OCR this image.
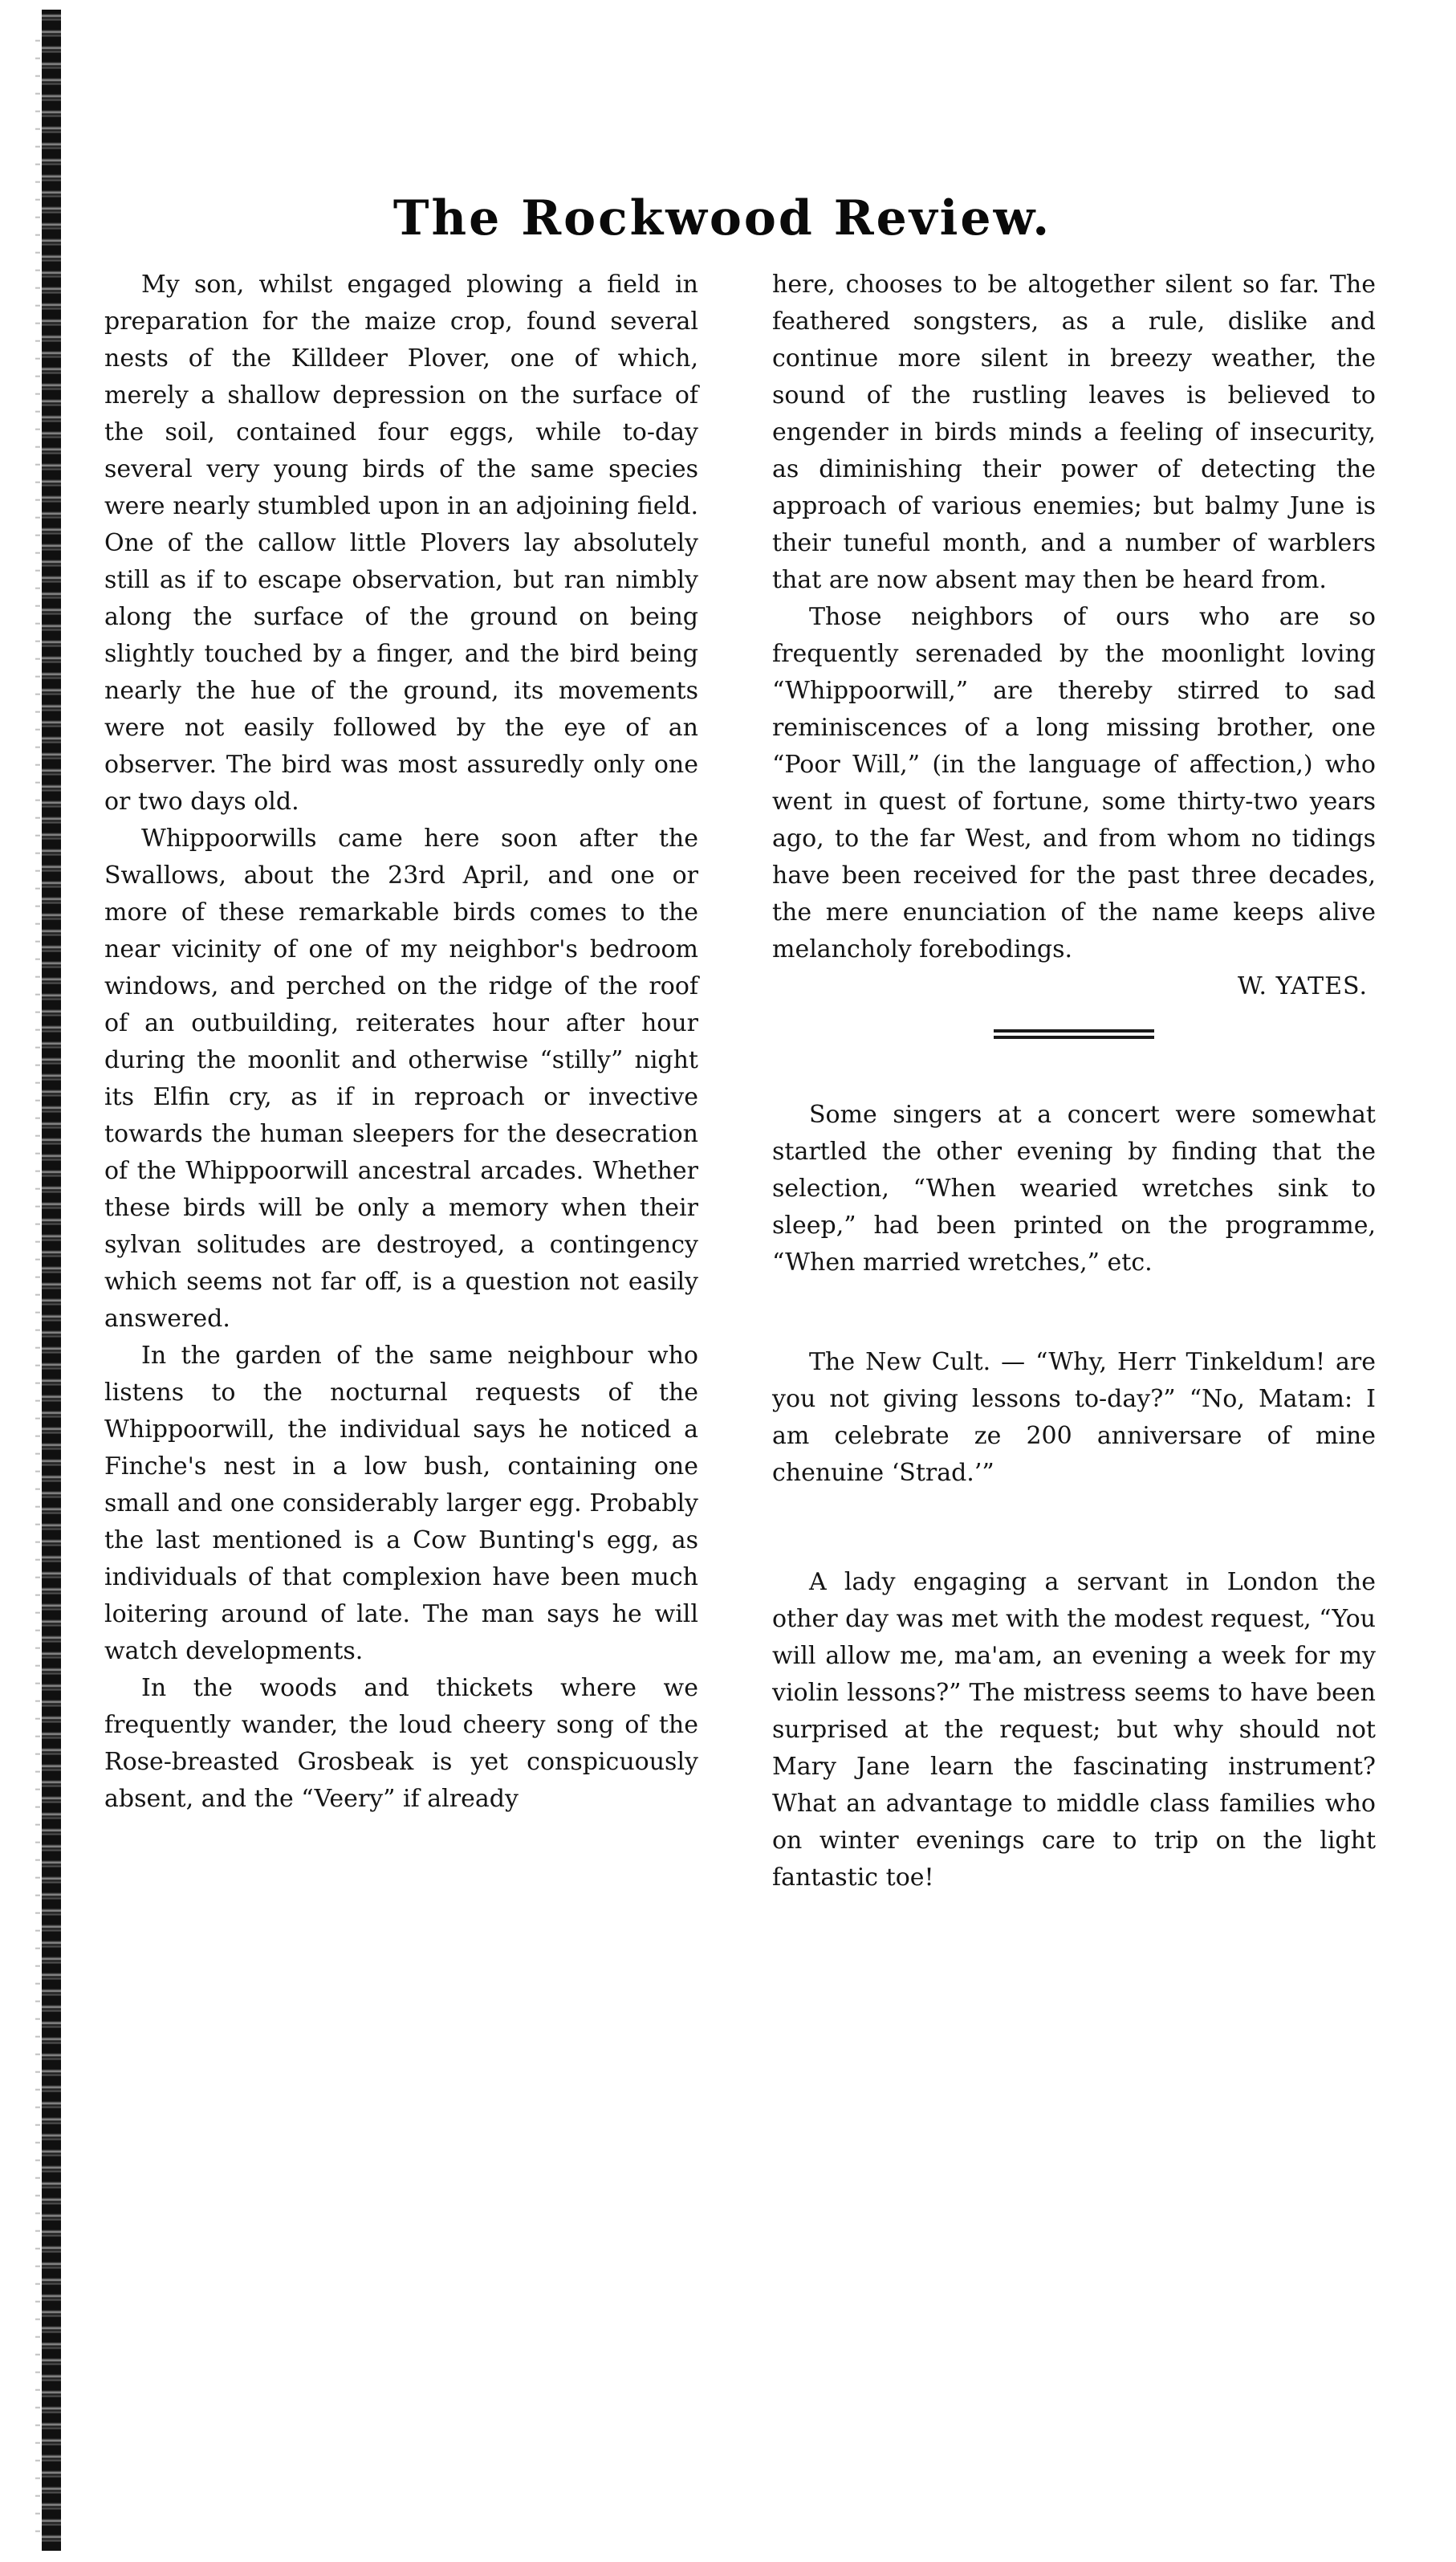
The Rockwood Review.

My son, whilst engaged plowing a field in preparation for the maize crop, found several nests of the Killdeer Plover, one of which, merely a shallow depression on the surface of the soil, contained four eggs, while to-day several very young birds of the same species were nearly stumbled upon in an adjoining field. One of the callow little Plovers lay absolutely still as if to escape observation, but ran nimbly along the surface of the ground on being slightly touched by a finger, and the bird being nearly the hue of the ground, its movements were not easily followed by the eye of an observer. The bird was most assuredly only one or two days old.

Whippoorwills came here soon after the Swallows, about the 23rd April, and one or more of these remarkable birds comes to the near vicinity of one of my neighbor's bedroom windows, and perched on the ridge of the roof of an outbuilding, reiterates hour after hour during the moonlit and otherwise “stilly” night its Elfin cry, as if in reproach or invective towards the human sleepers for the desecration of the Whippoorwill ancestral arcades. Whether these birds will be only a memory when their sylvan solitudes are destroyed, a contingency which seems not far off, is a question not easily answered.

In the garden of the same neighbour who listens to the nocturnal requests of the Whippoorwill, the individual says he noticed a Finche's nest in a low bush, containing one small and one considerably larger egg. Probably the last mentioned is a Cow Bunting's egg, as individuals of that complexion have been much loitering around of late. The man says he will watch developments.

In the woods and thickets where we frequently wander, the loud cheery song of the Rose-breasted Grosbeak is yet conspicuously absent, and the “Veery” if already

here, chooses to be altogether silent so far. The feathered songsters, as a rule, dislike and continue more silent in breezy weather, the sound of the rustling leaves is believed to engender in birds minds a feeling of insecurity, as diminishing their power of detecting the approach of various enemies; but balmy June is their tuneful month, and a number of warblers that are now absent may then be heard from.

Those neighbors of ours who are so frequently serenaded by the moonlight loving “Whippoorwill,” are thereby stirred to sad reminiscences of a long missing brother, one “Poor Will,” (in the language of affection,) who went in quest of fortune, some thirty-two years ago, to the far West, and from whom no tidings have been received for the past three decades, the mere enunciation of the name keeps alive melancholy forebodings.

W. YATES.

Some singers at a concert were somewhat startled the other evening by finding that the selection, “When wearied wretches sink to sleep,” had been printed on the programme, “When married wretches,” etc.

The New Cult. — “Why, Herr Tinkeldum! are you not giving lessons to-day?” “No, Matam: I am celebrate ze 200 anniversare of mine chenuine ‘Strad.’”

A lady engaging a servant in London the other day was met with the modest request, “You will allow me, ma'am, an evening a week for my violin lessons?” The mistress seems to have been surprised at the request; but why should not Mary Jane learn the fascinating instrument? What an advantage to middle class families who on winter evenings care to trip on the light fantastic toe!
